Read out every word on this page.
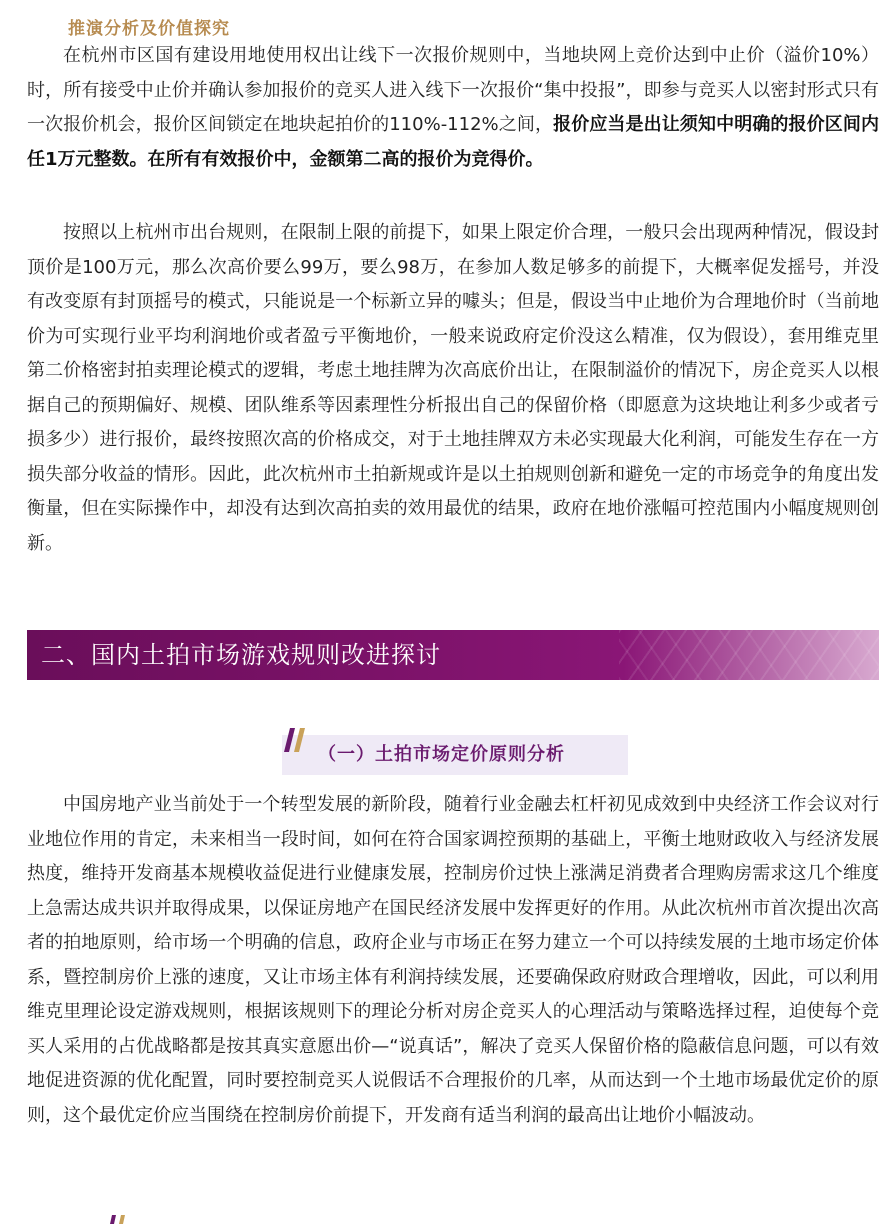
推演分析及价值探究

在杭州市区国有建设用地使用权出让线下一次报价规则中，当地块网上竞价达到中止价（溢价10%）时，所有接受中止价并确认参加报价的竞买人进入线下一次报价“集中投报”，即参与竞买人以密封形式只有一次报价机会，报价区间锁定在地块起拍价的110%-112%之间，报价应当是出让须知中明确的报价区间内任1万元整数。在所有有效报价中，金额第二高的报价为竞得价。

按照以上杭州市出台规则，在限制上限的前提下，如果上限定价合理，一般只会出现两种情况，假设封顶价是100万元，那么次高价要么99万，要么98万，在参加人数足够多的前提下，大概率促发摇号，并没有改变原有封顶摇号的模式，只能说是一个标新立异的噱头；但是，假设当中止地价为合理地价时（当前地价为可实现行业平均利润地价或者盈亏平衡地价，一般来说政府定价没这么精准，仅为假设），套用维克里第二价格密封拍卖理论模式的逻辑，考虑土地挂牌为次高底价出让，在限制溢价的情况下，房企竞买人以根据自己的预期偏好、规模、团队维系等因素理性分析报出自己的保留价格（即愿意为这块地让利多少或者亏损多少）进行报价，最终按照次高的价格成交，对于土地挂牌双方未必实现最大化利润，可能发生存在一方损失部分收益的情形。因此，此次杭州市土拍新规或许是以土拍规则创新和避免一定的市场竞争的角度出发衡量，但在实际操作中，却没有达到次高拍卖的效用最优的结果，政府在地价涨幅可控范围内小幅度规则创新。

二、国内土拍市场游戏规则改进探讨
（一）土拍市场定价原则分析

中国房地产业当前处于一个转型发展的新阶段，随着行业金融去杠杆初见成效到中央经济工作会议对行业地位作用的肯定，未来相当一段时间，如何在符合国家调控预期的基础上，平衡土地财政收入与经济发展热度，维持开发商基本规模收益促进行业健康发展，控制房价过快上涨满足消费者合理购房需求这几个维度上急需达成共识并取得成果，以保证房地产在国民经济发展中发挥更好的作用。从此次杭州市首次提出次高者的拍地原则，给市场一个明确的信息，政府企业与市场正在努力建立一个可以持续发展的土地市场定价体系，暨控制房价上涨的速度，又让市场主体有利润持续发展，还要确保政府财政合理增收，因此，可以利用维克里理论设定游戏规则，根据该规则下的理论分析对房企竞买人的心理活动与策略选择过程，迫使每个竞买人采用的占优战略都是按其真实意愿出价—“说真话”，解决了竞买人保留价格的隐蔽信息问题，可以有效地促进资源的优化配置，同时要控制竞买人说假话不合理报价的几率，从而达到一个土地市场最优定价的原则，这个最优定价应当围绕在控制房价前提下，开发商有适当利润的最高出让地价小幅波动。
